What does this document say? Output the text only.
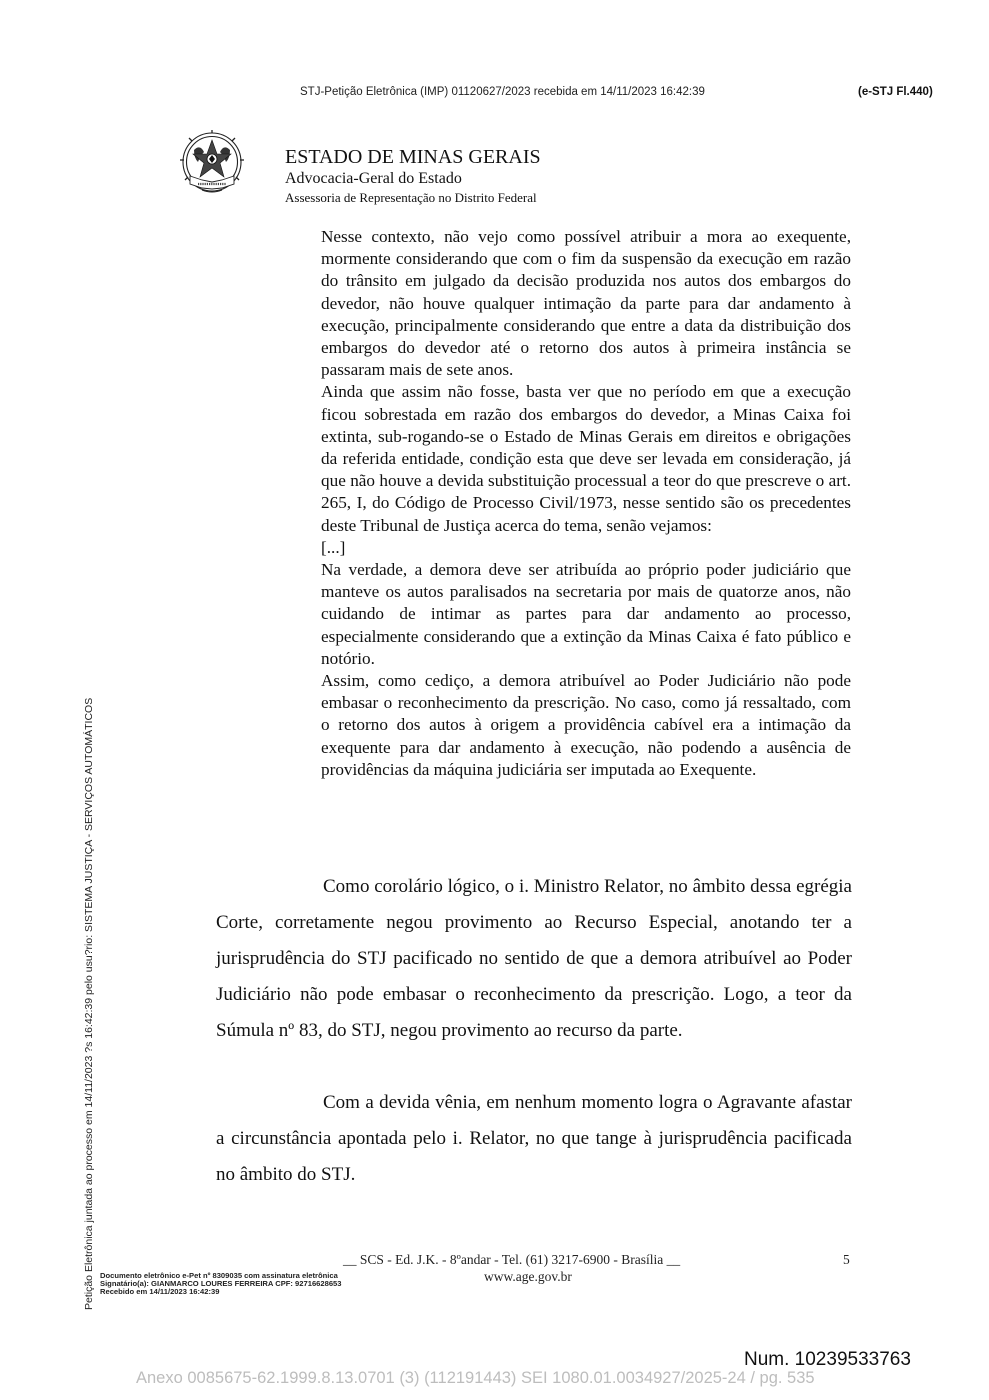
STJ-Petição Eletrônica (IMP) 01120627/2023 recebida em 14/11/2023 16:42:39	(e-STJ Fl.440)
ESTADO DE MINAS GERAIS
Advocacia-Geral do Estado
Assessoria de Representação no Distrito Federal

Nesse contexto, não vejo como possível atribuir a mora ao exequente, mormente considerando que com o fim da suspensão da execução em razão do trânsito em julgado da decisão produzida nos autos dos embargos do devedor, não houve qualquer intimação da parte para dar andamento à execução, principalmente considerando que entre a data da distribuição dos embargos do devedor até o retorno dos autos à primeira instância se passaram mais de sete anos.

Ainda que assim não fosse, basta ver que no período em que a execução ficou sobrestada em razão dos embargos do devedor, a Minas Caixa foi extinta, sub-rogando-se o Estado de Minas Gerais em direitos e obrigações da referida entidade, condição esta que deve ser levada em consideração, já que não houve a devida substituição processual a teor do que prescreve o art. 265, I, do Código de Processo Civil/1973, nesse sentido são os precedentes deste Tribunal de Justiça acerca do tema, senão vejamos:

[...]

Na verdade, a demora deve ser atribuída ao próprio poder judiciário que manteve os autos paralisados na secretaria por mais de quatorze anos, não cuidando de intimar as partes para dar andamento ao processo, especialmente considerando que a extinção da Minas Caixa é fato público e notório.

Assim, como cediço, a demora atribuível ao Poder Judiciário não pode embasar o reconhecimento da prescrição. No caso, como já ressaltado, com o retorno dos autos à origem a providência cabível era a intimação da exequente para dar andamento à execução, não podendo a ausência de providências da máquina judiciária ser imputada ao Exequente.

Como corolário lógico, o i. Ministro Relator, no âmbito dessa egrégia Corte, corretamente negou provimento ao Recurso Especial, anotando ter a jurisprudência do STJ pacificado no sentido de que a demora atribuível ao Poder Judiciário não pode embasar o reconhecimento da prescrição. Logo, a teor da Súmula nº 83, do STJ, negou provimento ao recurso da parte.

Com a devida vênia, em nenhum momento logra o Agravante afastar a circunstância apontada pelo i. Relator, no que tange à jurisprudência pacificada no âmbito do STJ.

Petição Eletrônica juntada ao processo em 14/11/2023 ?s 16:42:39 pelo usu?rio: SISTEMA JUSTIÇA - SERVIÇOS AUTOMÁTICOS	__ SCS - Ed. J.K. - 8ºandar - Tel. (61) 3217-6900 - Brasília __
www.age.gov.br
5
Documento eletrônico e-Pet nº 8309035 com assinatura eletrônica
Signatário(a): GIANMARCO LOURES FERREIRA CPF: 92716628653
Recebido em 14/11/2023 16:42:39
Num. 10239533763
Anexo 0085675-62.1999.8.13.0701 (3) (112191443) SEI 1080.01.0034927/2025-24 / pg. 535
